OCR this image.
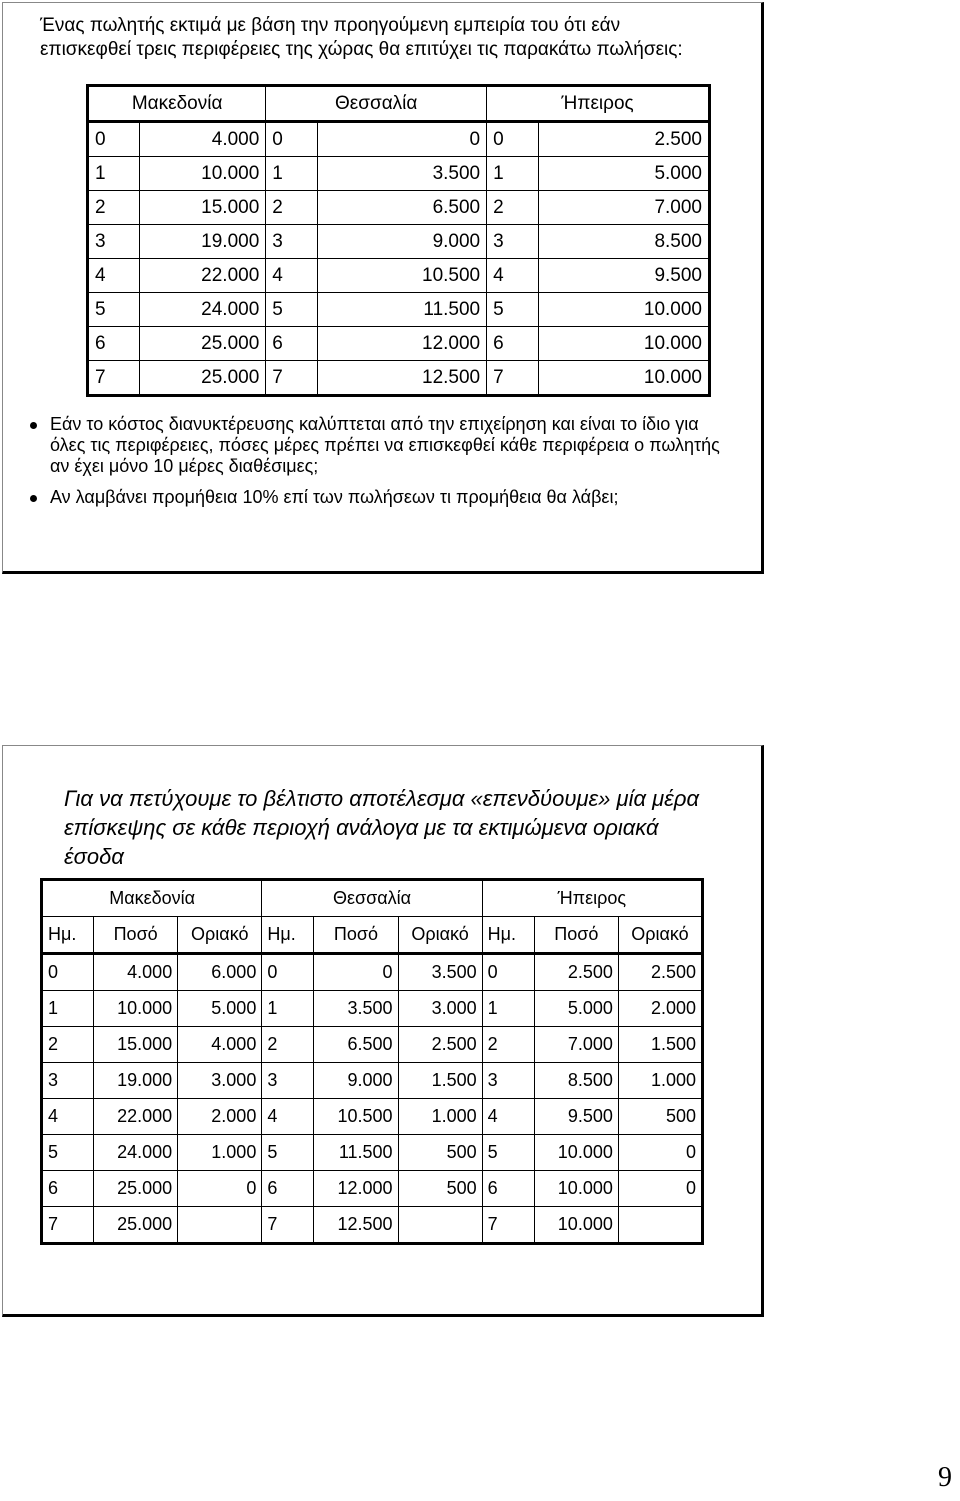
Ένας πωλητής εκτιμά με βάση την προηγούμενη εμπειρία του ότι εάν
επισκεφθεί τρεις περιφέρειες της χώρας θα επιτύχει τις παρακάτω πωλήσεις:
Μακεδονία		Θεσσαλία		Ήπειρος	
0	4.000	0	0	0	2.500
1	10.000	1	3.500	1	5.000
2	15.000	2	6.500	2	7.000
3	19.000	3	9.000	3	8.500
4	22.000	4	10.500	4	9.500
5	24.000	5	11.500	5	10.000
6	25.000	6	12.000	6	10.000
7	25.000	7	12.500	7	10.000
Εάν το κόστος διανυκτέρευσης καλύπτεται από την επιχείρηση και είναι το ίδιο για όλες τις περιφέρειες, πόσες μέρες πρέπει να επισκεφθεί κάθε περιφέρεια ο πωλητής αν έχει μόνο 10 μέρες διαθέσιμες;
Αν λαμβάνει προμήθεια 10% επί των πωλήσεων τι προμήθεια θα λάβει;
Για να πετύχουμε το βέλτιστο αποτέλεσμα «επενδύουμε» μία μέρα επίσκεψης σε κάθε περιοχή ανάλογα με τα εκτιμώμενα οριακά έσοδα
Μακεδονία			Θεσσαλία			Ήπειρος		
Ημ.	Ποσό	Οριακό	Ημ.	Ποσό	Οριακό	Ημ.	Ποσό	Οριακό
0	4.000	6.000	0	0	3.500	0	2.500	2.500
1	10.000	5.000	1	3.500	3.000	1	5.000	2.000
2	15.000	4.000	2	6.500	2.500	2	7.000	1.500
3	19.000	3.000	3	9.000	1.500	3	8.500	1.000
4	22.000	2.000	4	10.500	1.000	4	9.500	500
5	24.000	1.000	5	11.500	500	5	10.000	0
6	25.000	0	6	12.000	500	6	10.000	0
7	25.000		7	12.500		7	10.000	
9
